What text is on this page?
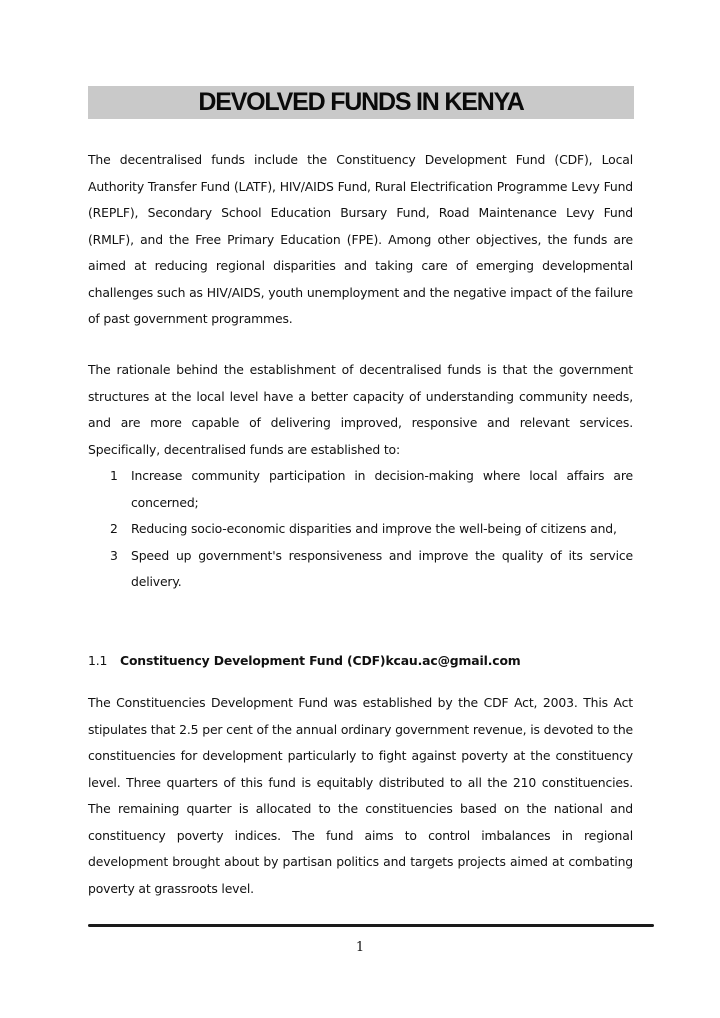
DEVOLVED FUNDS IN KENYA

The decentralised funds include the Constituency Development Fund (CDF), Local Authority Transfer Fund (LATF), HIV/AIDS Fund, Rural Electrification Programme Levy Fund (REPLF), Secondary School Education Bursary Fund, Road Maintenance Levy Fund (RMLF), and the Free Primary Education (FPE). Among other objectives, the funds are aimed at reducing regional disparities and taking care of emerging developmental challenges such as HIV/AIDS, youth unemployment and the negative impact of the failure of past government programmes.

The rationale behind the establishment of decentralised funds is that the government structures at the local level have a better capacity of understanding community needs, and are more capable of delivering improved, responsive and relevant services. Specifically, decentralised funds are established to:

1 Increase community participation in decision-making where local affairs are concerned;
2 Reducing socio-economic disparities and improve the well-being of citizens and,
3 Speed up government's responsiveness and improve the quality of its service delivery.
1.1 Constituency Development Fund (CDF)kcau.ac@gmail.com

The Constituencies Development Fund was established by the CDF Act, 2003. This Act stipulates that 2.5 per cent of the annual ordinary government revenue, is devoted to the constituencies for development particularly to fight against poverty at the constituency level. Three quarters of this fund is equitably distributed to all the 210 constituencies. The remaining quarter is allocated to the constituencies based on the national and constituency poverty indices. The fund aims to control imbalances in regional development brought about by partisan politics and targets projects aimed at combating poverty at grassroots level.

1
